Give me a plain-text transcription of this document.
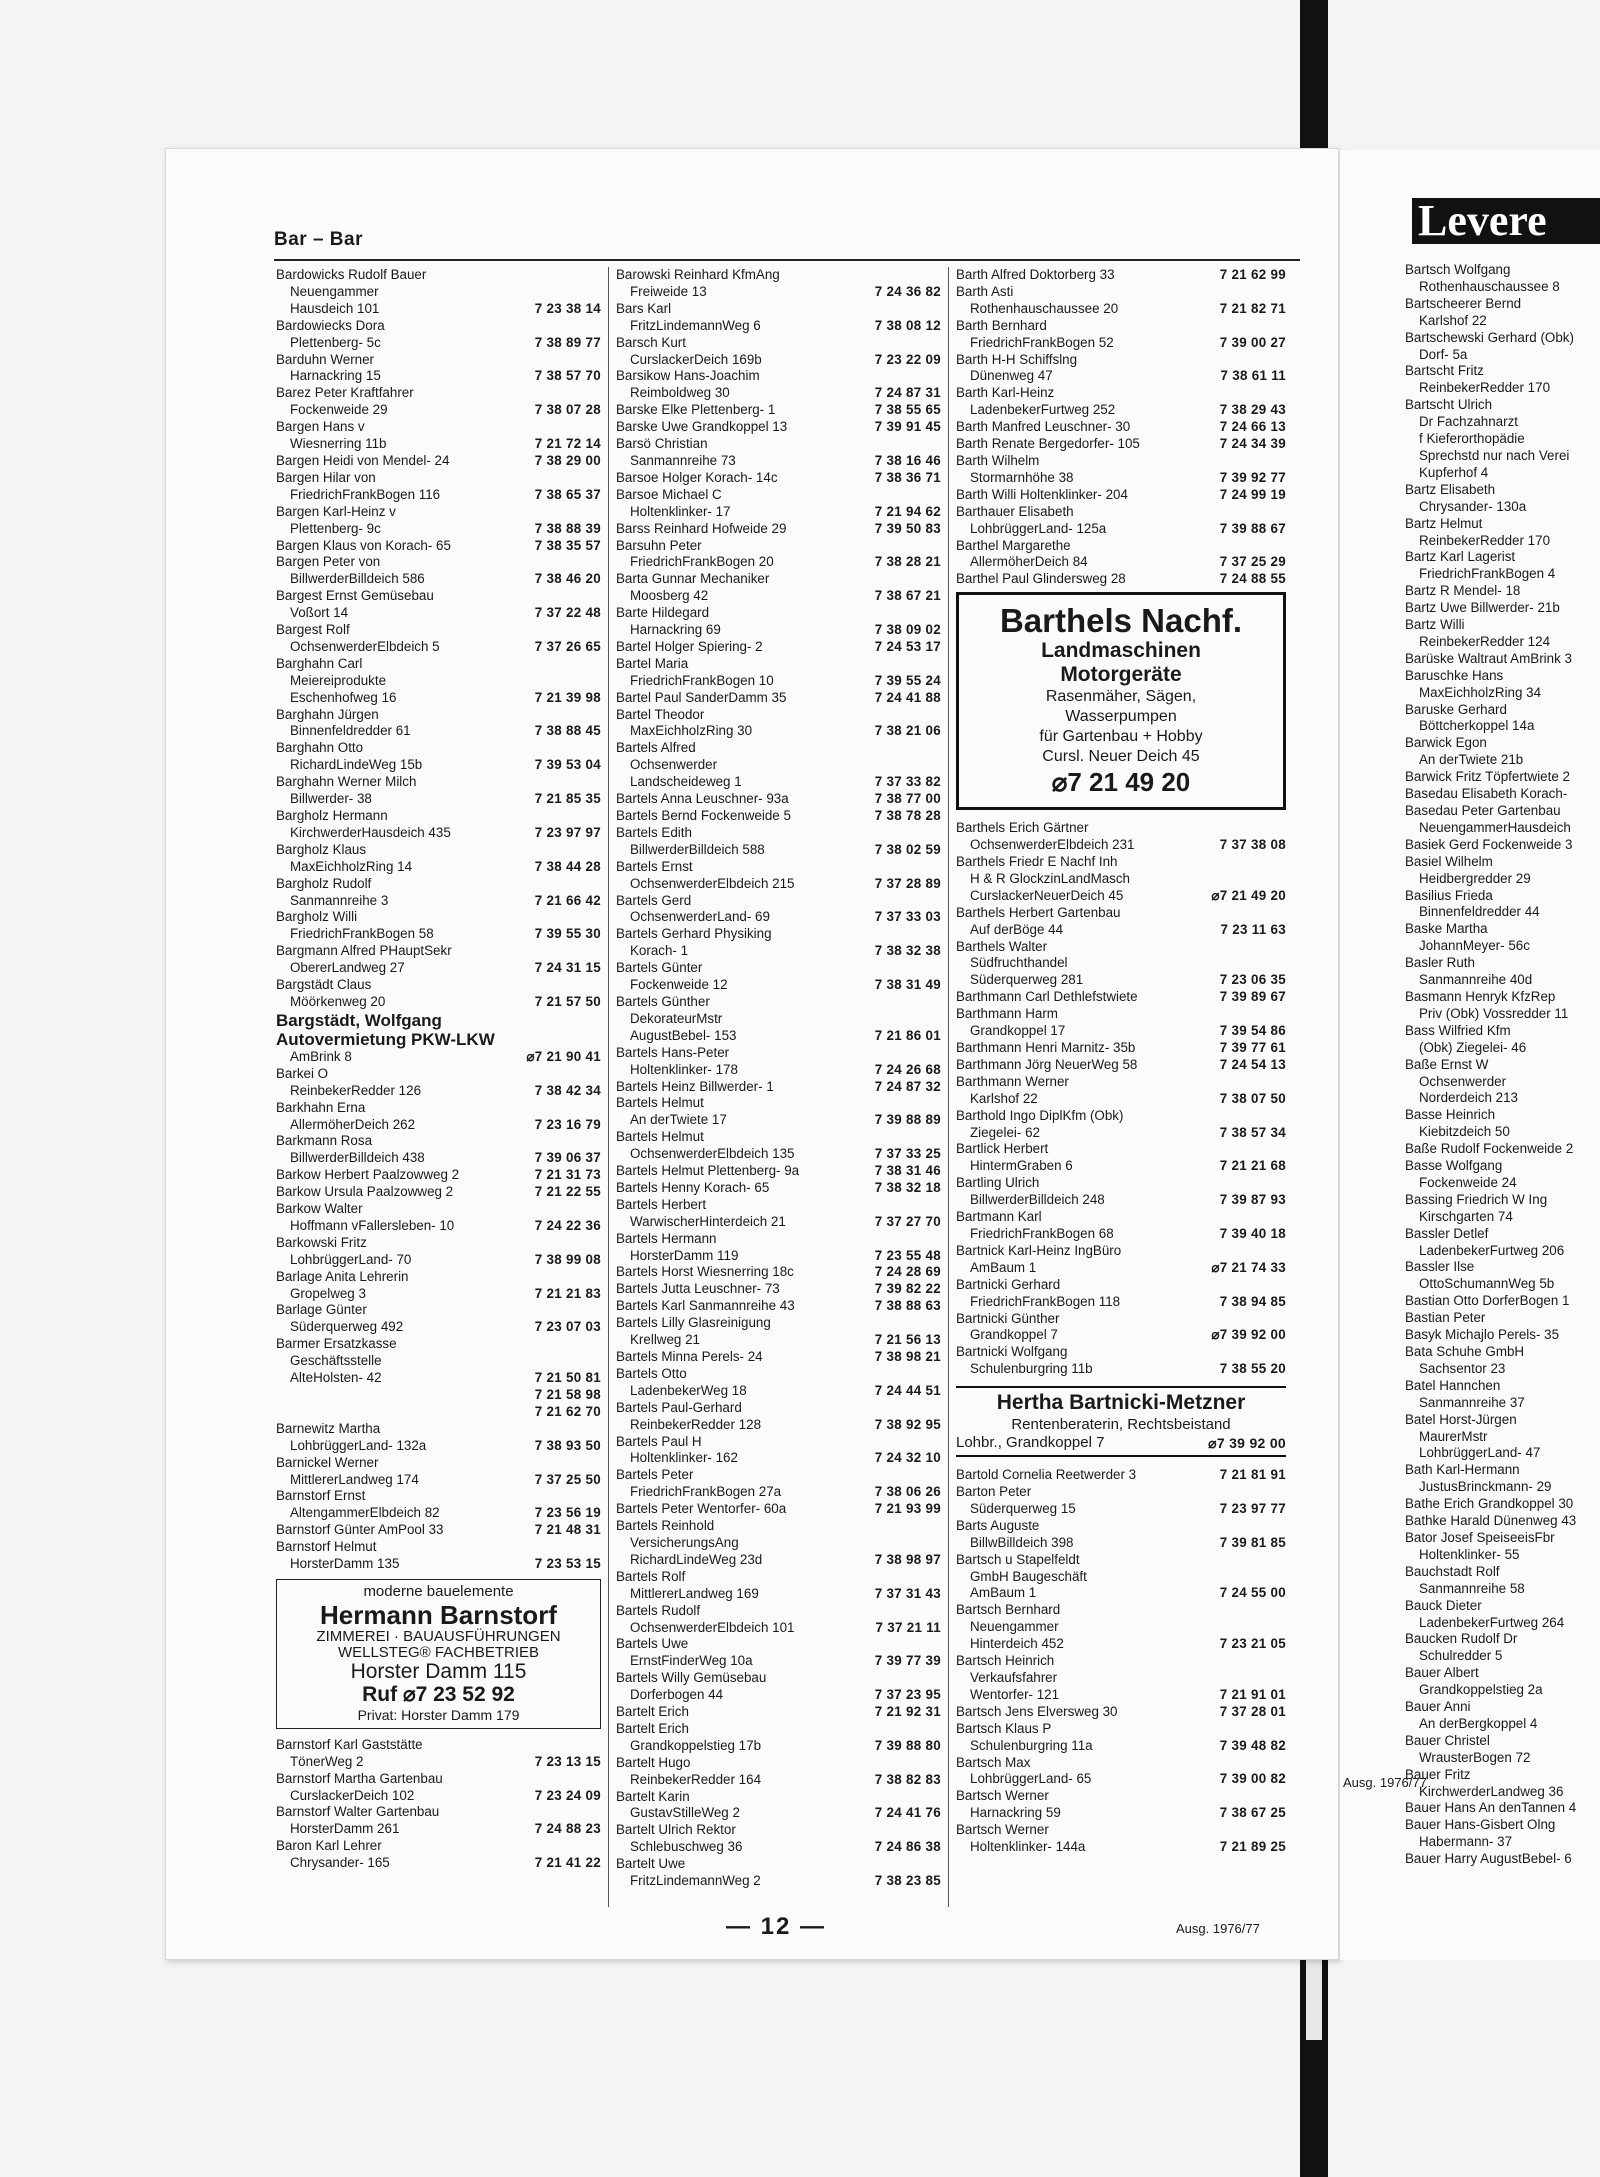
Bar – Bar
Bardowicks Rudolf Bauer
Neuengammer
Hausdeich 101	7 23 38 14
Bardowiecks Dora
Plettenberg- 5c	7 38 89 77
Barduhn Werner
Harnackring 15	7 38 57 70
Barez Peter Kraftfahrer
Fockenweide 29	7 38 07 28
Bargen Hans v
Wiesnerring 11b	7 21 72 14
Bargen Heidi von Mendel- 24	7 38 29 00
Bargen Hilar von
FriedrichFrankBogen 116	7 38 65 37
Bargen Karl-Heinz v
Plettenberg- 9c	7 38 88 39
Bargen Klaus von Korach- 65	7 38 35 57
Bargen Peter von
BillwerderBilldeich 586	7 38 46 20
Bargest Ernst Gemüsebau
Voßort 14	7 37 22 48
Bargest Rolf
OchsenwerderElbdeich 5	7 37 26 65
Barghahn Carl
Meiereiprodukte
Eschenhofweg 16	7 21 39 98
Barghahn Jürgen
Binnenfeldredder 61	7 38 88 45
Barghahn Otto
RichardLindeWeg 15b	7 39 53 04
Barghahn Werner Milch
Billwerder- 38	7 21 85 35
Bargholz Hermann
KirchwerderHausdeich 435	7 23 97 97
Bargholz Klaus
MaxEichholzRing 14	7 38 44 28
Bargholz Rudolf
Sanmannreihe 3	7 21 66 42
Bargholz Willi
FriedrichFrankBogen 58	7 39 55 30
Bargmann Alfred PHauptSekr
ObererLandweg 27	7 24 31 15
Bargstädt Claus
Möörkenweg 20	7 21 57 50
Bargstädt, Wolfgang
Autovermietung PKW-LKW
AmBrink 8	⌀7 21 90 41
Barkei O
ReinbekerRedder 126	7 38 42 34
Barkhahn Erna
AllermöherDeich 262	7 23 16 79
Barkmann Rosa
BillwerderBilldeich 438	7 39 06 37
Barkow Herbert Paalzowweg 2	7 21 31 73
Barkow Ursula Paalzowweg 2	7 21 22 55
Barkow Walter
Hoffmann vFallersleben- 10	7 24 22 36
Barkowski Fritz
LohbrüggerLand- 70	7 38 99 08
Barlage Anita Lehrerin
Gropelweg 3	7 21 21 83
Barlage Günter
Süderquerweg 492	7 23 07 03
Barmer Ersatzkasse
Geschäftsstelle
AlteHolsten- 42	7 21 50 81

7 21 58 98

7 21 62 70
Barnewitz Martha
LohbrüggerLand- 132a	7 38 93 50
Barnickel Werner
MittlererLandweg 174	7 37 25 50
Barnstorf Ernst
AltengammerElbdeich 82	7 23 56 19
Barnstorf Günter AmPool 33	7 21 48 31
Barnstorf Helmut
HorsterDamm 135	7 23 53 15
moderne bauelemente
Hermann Barnstorf
ZIMMEREI · BAUAUSFÜHRUNGEN
WELLSTEG® FACHBETRIEB
Horster Damm 115
Ruf ⌀7 23 52 92
Privat: Horster Damm 179
Barnstorf Karl Gaststätte
TönerWeg 2	7 23 13 15
Barnstorf Martha Gartenbau
CurslackerDeich 102	7 23 24 09
Barnstorf Walter Gartenbau
HorsterDamm 261	7 24 88 23
Baron Karl Lehrer
Chrysander- 165	7 21 41 22
Barowski Reinhard KfmAng
Freiweide 13	7 24 36 82
Bars Karl
FritzLindemannWeg 6	7 38 08 12
Barsch Kurt
CurslackerDeich 169b	7 23 22 09
Barsikow Hans-Joachim
Reimboldweg 30	7 24 87 31
Barske Elke Plettenberg- 1	7 38 55 65
Barske Uwe Grandkoppel 13	7 39 91 45
Barsö Christian
Sanmannreihe 73	7 38 16 46
Barsoe Holger Korach- 14c	7 38 36 71
Barsoe Michael C
Holtenklinker- 17	7 21 94 62
Barss Reinhard Hofweide 29	7 39 50 83
Barsuhn Peter
FriedrichFrankBogen 20	7 38 28 21
Barta Gunnar Mechaniker
Moosberg 42	7 38 67 21
Barte Hildegard
Harnackring 69	7 38 09 02
Bartel Holger Spiering- 2	7 24 53 17
Bartel Maria
FriedrichFrankBogen 10	7 39 55 24
Bartel Paul SanderDamm 35	7 24 41 88
Bartel Theodor
MaxEichholzRing 30	7 38 21 06
Bartels Alfred
Ochsenwerder
Landscheideweg 1	7 37 33 82
Bartels Anna Leuschner- 93a	7 38 77 00
Bartels Bernd Fockenweide 5	7 38 78 28
Bartels Edith
BillwerderBilldeich 588	7 38 02 59
Bartels Ernst
OchsenwerderElbdeich 215	7 37 28 89
Bartels Gerd
OchsenwerderLand- 69	7 37 33 03
Bartels Gerhard Physiking
Korach- 1	7 38 32 38
Bartels Günter
Fockenweide 12	7 38 31 49
Bartels Günther
DekorateurMstr
AugustBebel- 153	7 21 86 01
Bartels Hans-Peter
Holtenklinker- 178	7 24 26 68
Bartels Heinz Billwerder- 1	7 24 87 32
Bartels Helmut
An derTwiete 17	7 39 88 89
Bartels Helmut
OchsenwerderElbdeich 135	7 37 33 25
Bartels Helmut Plettenberg- 9a	7 38 31 46
Bartels Henny Korach- 65	7 38 32 18
Bartels Herbert
WarwischerHinterdeich 21	7 37 27 70
Bartels Hermann
HorsterDamm 119	7 23 55 48
Bartels Horst Wiesnerring 18c	7 24 28 69
Bartels Jutta Leuschner- 73	7 39 82 22
Bartels Karl Sanmannreihe 43	7 38 88 63
Bartels Lilly Glasreinigung
Krellweg 21	7 21 56 13
Bartels Minna Perels- 24	7 38 98 21
Bartels Otto
LadenbekerWeg 18	7 24 44 51
Bartels Paul-Gerhard
ReinbekerRedder 128	7 38 92 95
Bartels Paul H
Holtenklinker- 162	7 24 32 10
Bartels Peter
FriedrichFrankBogen 27a	7 38 06 26
Bartels Peter Wentorfer- 60a	7 21 93 99
Bartels Reinhold
VersicherungsAng
RichardLindeWeg 23d	7 38 98 97
Bartels Rolf
MittlererLandweg 169	7 37 31 43
Bartels Rudolf
OchsenwerderElbdeich 101	7 37 21 11
Bartels Uwe
ErnstFinderWeg 10a	7 39 77 39
Bartels Willy Gemüsebau
Dorferbogen 44	7 37 23 95
Bartelt Erich	7 21 92 31
Bartelt Erich
Grandkoppelstieg 17b	7 39 88 80
Bartelt Hugo
ReinbekerRedder 164	7 38 82 83
Bartelt Karin
GustavStilleWeg 2	7 24 41 76
Bartelt Ulrich Rektor
Schlebuschweg 36	7 24 86 38
Bartelt Uwe
FritzLindemannWeg 2	7 38 23 85
Barth Alfred Doktorberg 33	7 21 62 99
Barth Asti
Rothenhauschaussee 20	7 21 82 71
Barth Bernhard
FriedrichFrankBogen 52	7 39 00 27
Barth H-H Schiffslng
Dünenweg 47	7 38 61 11
Barth Karl-Heinz
LadenbekerFurtweg 252	7 38 29 43
Barth Manfred Leuschner- 30	7 24 66 13
Barth Renate Bergedorfer- 105	7 24 34 39
Barth Wilhelm
Stormarnhöhe 38	7 39 92 77
Barth Willi Holtenklinker- 204	7 24 99 19
Barthauer Elisabeth
LohbrüggerLand- 125a	7 39 88 67
Barthel Margarethe
AllermöherDeich 84	7 37 25 29
Barthel Paul Glindersweg 28	7 24 88 55
Barthels Nachf.
Landmaschinen
Motorgeräte
Rasenmäher, Sägen,
Wasserpumpen
für Gartenbau + Hobby
Cursl. Neuer Deich 45
⌀7 21 49 20
Barthels Erich Gärtner
OchsenwerderElbdeich 231	7 37 38 08
Barthels Friedr E Nachf Inh
H & R GlockzinLandMasch
CurslackerNeuerDeich 45	⌀7 21 49 20
Barthels Herbert Gartenbau
Auf derBöge 44	7 23 11 63
Barthels Walter
Südfruchthandel
Süderquerweg 281	7 23 06 35
Barthmann Carl Dethlefstwiete	7 39 89 67
Barthmann Harm
Grandkoppel 17	7 39 54 86
Barthmann Henri Marnitz- 35b	7 39 77 61
Barthmann Jörg NeuerWeg 58	7 24 54 13
Barthmann Werner
Karlshof 22	7 38 07 50
Barthold Ingo DiplKfm (Obk)
Ziegelei- 62	7 38 57 34
Bartlick Herbert
HintermGraben 6	7 21 21 68
Bartling Ulrich
BillwerderBilldeich 248	7 39 87 93
Bartmann Karl
FriedrichFrankBogen 68	7 39 40 18
Bartnick Karl-Heinz IngBüro
AmBaum 1	⌀7 21 74 33
Bartnicki Gerhard
FriedrichFrankBogen 118	7 38 94 85
Bartnicki Günther
Grandkoppel 7	⌀7 39 92 00
Bartnicki Wolfgang
Schulenburgring 11b	7 38 55 20
Hertha Bartnicki-Metzner
Rentenberaterin, Rechtsbeistand
Lohbr., Grandkoppel 7	⌀7 39 92 00
Bartold Cornelia Reetwerder 3	7 21 81 91
Barton Peter
Süderquerweg 15	7 23 97 77
Barts Auguste
BillwBilldeich 398	7 39 81 85
Bartsch u Stapelfeldt
GmbH Baugeschäft
AmBaum 1	7 24 55 00
Bartsch Bernhard
Neuengammer
Hinterdeich 452	7 23 21 05
Bartsch Heinrich
Verkaufsfahrer
Wentorfer- 121	7 21 91 01
Bartsch Jens Elversweg 30	7 37 28 01
Bartsch Klaus P
Schulenburgring 11a	7 39 48 82
Bartsch Max
LohbrüggerLand- 65	7 39 00 82
Bartsch Werner
Harnackring 59	7 38 67 25
Bartsch Werner
Holtenklinker- 144a	7 21 89 25
— 12 —	Ausg. 1976/77
Levere
Bartsch Wolfgang
Rothenhauschaussee 8
Bartscheerer Bernd
Karlshof 22
Bartschewski Gerhard (Obk)
Dorf- 5a
Bartscht Fritz
ReinbekerRedder 170
Bartscht Ulrich
Dr Fachzahnarzt
f Kieferorthopädie
Sprechstd nur nach Verei
Kupferhof 4
Bartz Elisabeth
Chrysander- 130a
Bartz Helmut
ReinbekerRedder 170
Bartz Karl Lagerist
FriedrichFrankBogen 4
Bartz R Mendel- 18
Bartz Uwe Billwerder- 21b
Bartz Willi
ReinbekerRedder 124
Barüske Waltraut AmBrink 3
Baruschke Hans
MaxEichholzRing 34
Baruske Gerhard
Böttcherkoppel 14a
Barwick Egon
An derTwiete 21b
Barwick Fritz Töpfertwiete 2
Basedau Elisabeth Korach-
Basedau Peter Gartenbau
NeuengammerHausdeich
Basiek Gerd Fockenweide 3
Basiel Wilhelm
Heidbergredder 29
Basilius Frieda
Binnenfeldredder 44
Baske Martha
JohannMeyer- 56c
Basler Ruth
Sanmannreihe 40d
Basmann Henryk KfzRep
Priv (Obk) Vossredder 11
Bass Wilfried Kfm
(Obk) Ziegelei- 46
Baße Ernst W
Ochsenwerder
Norderdeich 213
Basse Heinrich
Kiebitzdeich 50
Baße Rudolf Fockenweide 2
Basse Wolfgang
Fockenweide 24
Bassing Friedrich W Ing
Kirschgarten 74
Bassler Detlef
LadenbekerFurtweg 206
Bassler Ilse
OttoSchumannWeg 5b
Bastian Otto DorferBogen 1
Bastian Peter
Basyk Michajlo Perels- 35
Bata Schuhe GmbH
Sachsentor 23
Batel Hannchen
Sanmannreihe 37
Batel Horst-Jürgen
MaurerMstr
LohbrüggerLand- 47
Bath Karl-Hermann
JustusBrinckmann- 29
Bathe Erich Grandkoppel 30
Bathke Harald Dünenweg 43
Bator Josef SpeiseeisFbr
Holtenklinker- 55
Bauchstadt Rolf
Sanmannreihe 58
Bauck Dieter
LadenbekerFurtweg 264
Baucken Rudolf Dr
Schulredder 5
Bauer Albert
Grandkoppelstieg 2a
Bauer Anni
An derBergkoppel 4
Bauer Christel
WrausterBogen 72
Bauer Fritz
KirchwerderLandweg 36
Bauer Hans An denTannen 4
Bauer Hans-Gisbert Olng
Habermann- 37
Bauer Harry AugustBebel- 6
Ausg. 1976/77
